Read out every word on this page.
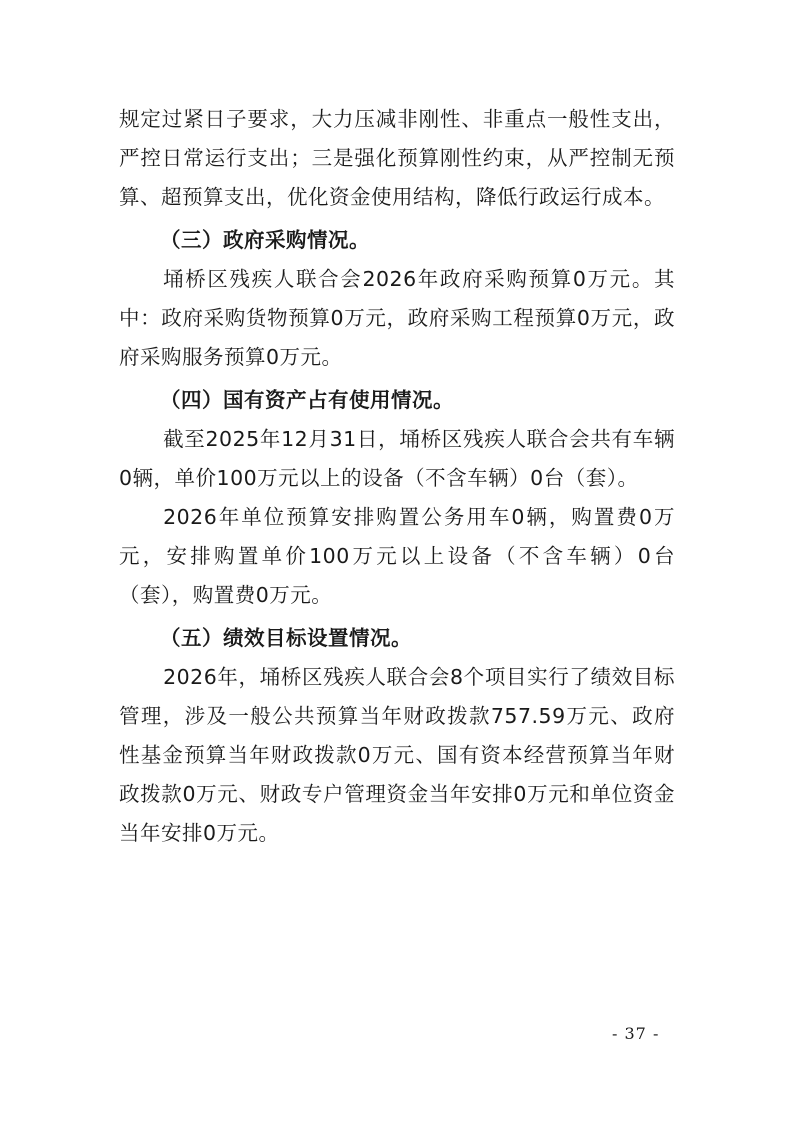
规定过紧日子要求，大力压减非刚性、非重点一般性支出，严控日常运行支出；三是强化预算刚性约束，从严控制无预算、超预算支出，优化资金使用结构，降低行政运行成本。

（三）政府采购情况。

埇桥区残疾人联合会2026年政府采购预算0万元。其中：政府采购货物预算0万元，政府采购工程预算0万元，政府采购服务预算0万元。

（四）国有资产占有使用情况。

截至2025年12月31日，埇桥区残疾人联合会共有车辆0辆，单价100万元以上的设备（不含车辆）0台（套）。

2026年单位预算安排购置公务用车0辆，购置费0万元，安排购置单价100万元以上设备（不含车辆）0台（套），购置费0万元。

（五）绩效目标设置情况。

2026年，埇桥区残疾人联合会8个项目实行了绩效目标管理，涉及一般公共预算当年财政拨款757.59万元、政府性基金预算当年财政拨款0万元、国有资本经营预算当年财政拨款0万元、财政专户管理资金当年安排0万元和单位资金当年安排0万元。

- 37 -
